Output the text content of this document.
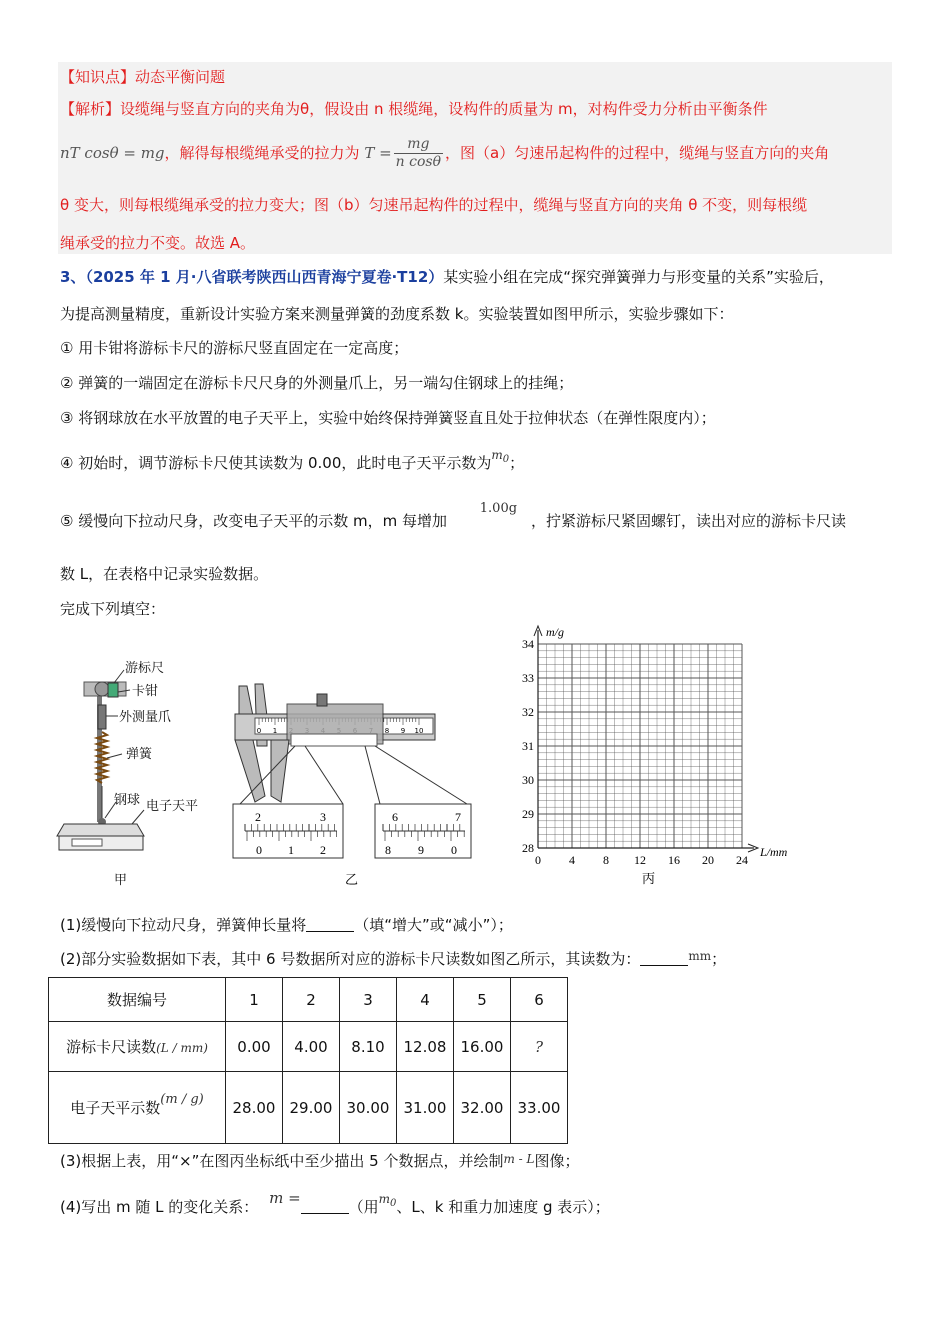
【知识点】动态平衡问题
【解析】设缆绳与竖直方向的夹角为θ，假设由 n 根缆绳，设构件的质量为 m，对构件受力分析由平衡条件
nT cosθ = mg，解得每根缆绳承受的拉力为 $T = \frac{mg}{\text{n cosθ}}$ ，图（a）匀速吊起构件的过程中，缆绳与竖直方向的夹角
θ 变大，则每根缆绳承受的拉力变大；图（b）匀速吊起构件的过程中，缆绳与竖直方向的夹角 θ 不变，则每根缆
绳承受的拉力不变。故选 A。
3、（2025 年 1 月·八省联考陕西山西青海宁夏卷·T12）某实验小组在完成“探究弹簧弹力与形变量的关系”实验后，
为提高测量精度，重新设计实验方案来测量弹簧的劲度系数 k。实验装置如图甲所示，实验步骤如下：
① 用卡钳将游标卡尺的游标尺竖直固定在一定高度；
② 弹簧的一端固定在游标卡尺尺身的外测量爪上，另一端勾住钢球上的挂绳；
③ 将钢球放在水平放置的电子天平上，实验中始终保持弹簧竖直且处于拉伸状态（在弹性限度内）；
④ 初始时，调节游标卡尺使其读数为 0.00，此时电子天平示数为$^{m_0}$；
⑤ 缓慢向下拉动尺身，改变电子天平的示数 m，m 每增加 1.00g，拧紧游标尺紧固螺钉，读出对应的游标卡尺读
数 L，在表格中记录实验数据。
完成下列填空：
游标尺
卡钳
外测量爪
弹簧
钢球 电子天平
甲
0 1	8 9 10
2	3
0 1 2
6	7
8 9 0
乙
0 4 8 12 16 20 24
28
29
30
31
32
33
34
m/g
L/mm
丙
(1)缓慢向下拉动尺身，弹簧伸长量将	（填“增大”或“减小”）；
(2)部分实验数据如下表，其中 6 号数据所对应的游标卡尺读数如图乙所示，其读数为：	$^{mm}$；
数据编号	1	2	3	4	5	6
游标卡尺读数(L / mm)	0.00	4.00	8.10	12.08	16.00	?
电子天平示数(m / g)	28.00	29.00	30.00	31.00	32.00	33.00
(3)根据上表，用“×”在图丙坐标纸中至少描出 5 个数据点，并绘制$^{m - L}$图像；
(4)写出 m 随 L 的变化关系： m =	（用$^{m_0}$、L、k 和重力加速度 g 表示）；
